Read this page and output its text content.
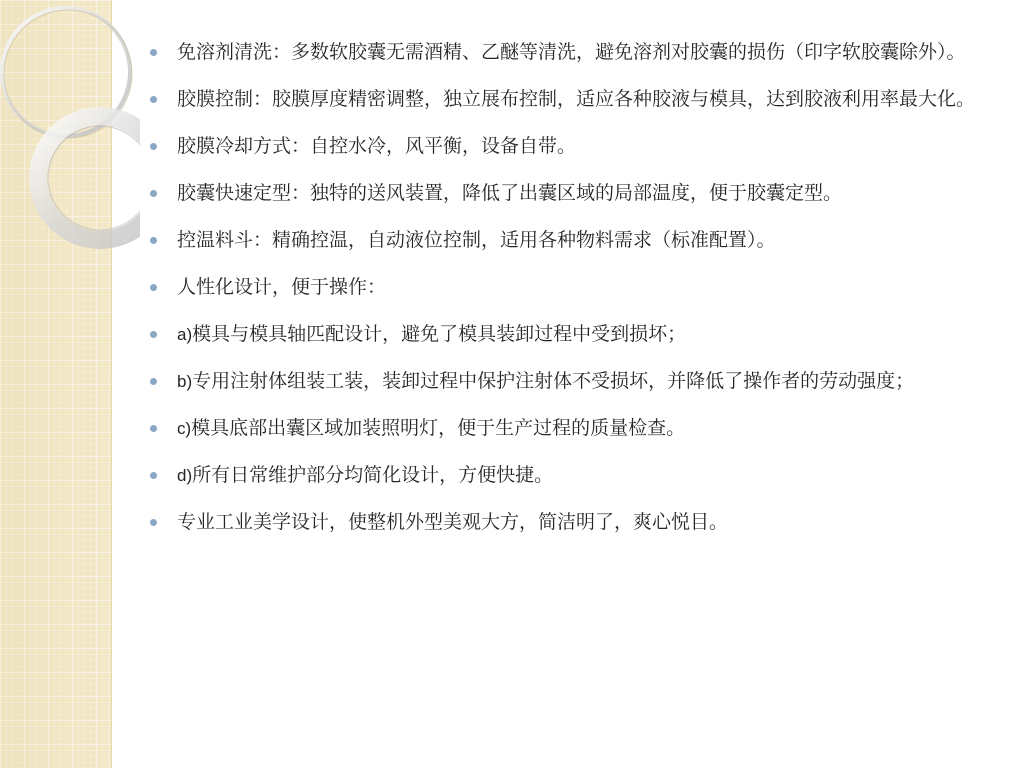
免溶剂清洗：多数软胶囊无需酒精、乙醚等清洗，避免溶剂对胶囊的损伤（印字软胶囊除外）。
胶膜控制：胶膜厚度精密调整，独立展布控制，适应各种胶液与模具，达到胶液利用率最大化。
胶膜冷却方式：自控水冷，风平衡，设备自带。
胶囊快速定型：独特的送风装置，降低了出囊区域的局部温度，便于胶囊定型。
控温料斗：精确控温，自动液位控制，适用各种物料需求（标准配置）。
人性化设计，便于操作：
a)模具与模具轴匹配设计，避免了模具装卸过程中受到损坏；
b)专用注射体组装工装，装卸过程中保护注射体不受损坏，并降低了操作者的劳动强度；
c)模具底部出囊区域加装照明灯，便于生产过程的质量检查。
d)所有日常维护部分均简化设计，方便快捷。
专业工业美学设计，使整机外型美观大方，简洁明了，爽心悦目。
